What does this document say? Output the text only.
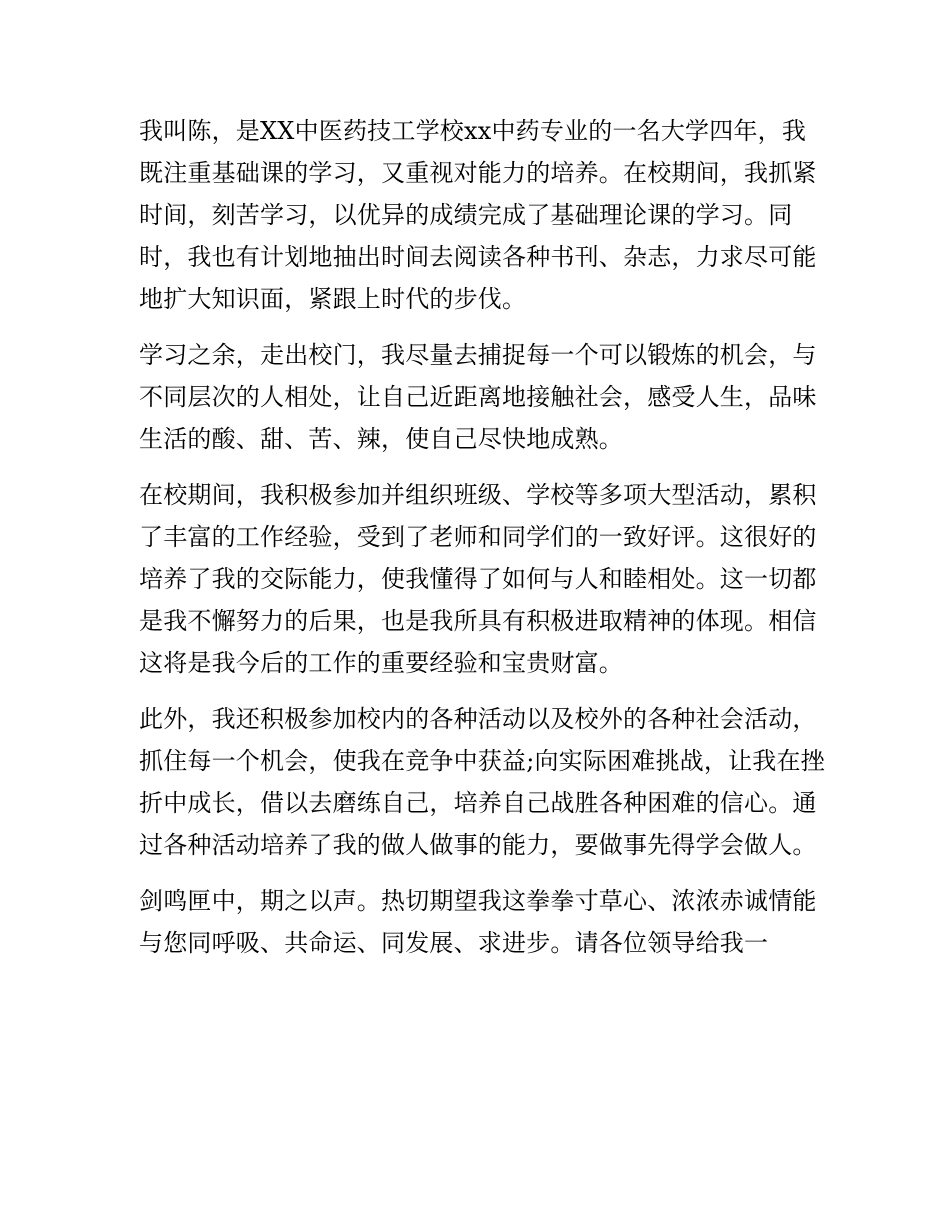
我叫陈，是XX中医药技工学校xx中药专业的一名大学四年，我既注重基础课的学习，又重视对能力的培养。在校期间，我抓紧时间，刻苦学习，以优异的成绩完成了基础理论课的学习。同时，我也有计划地抽出时间去阅读各种书刊、杂志，力求尽可能地扩大知识面，紧跟上时代的步伐。

学习之余，走出校门，我尽量去捕捉每一个可以锻炼的机会，与不同层次的人相处，让自己近距离地接触社会，感受人生，品味生活的酸、甜、苦、辣，使自己尽快地成熟。

在校期间，我积极参加并组织班级、学校等多项大型活动，累积了丰富的工作经验，受到了老师和同学们的一致好评。这很好的培养了我的交际能力，使我懂得了如何与人和睦相处。这一切都是我不懈努力的后果，也是我所具有积极进取精神的体现。相信这将是我今后的工作的重要经验和宝贵财富。

此外，我还积极参加校内的各种活动以及校外的各种社会活动，抓住每一个机会，使我在竞争中获益;向实际困难挑战，让我在挫折中成长，借以去磨练自己，培养自己战胜各种困难的信心。通过各种活动培养了我的做人做事的能力，要做事先得学会做人。

剑鸣匣中，期之以声。热切期望我这拳拳寸草心、浓浓赤诚情能与您同呼吸、共命运、同发展、求进步。请各位领导给我一
